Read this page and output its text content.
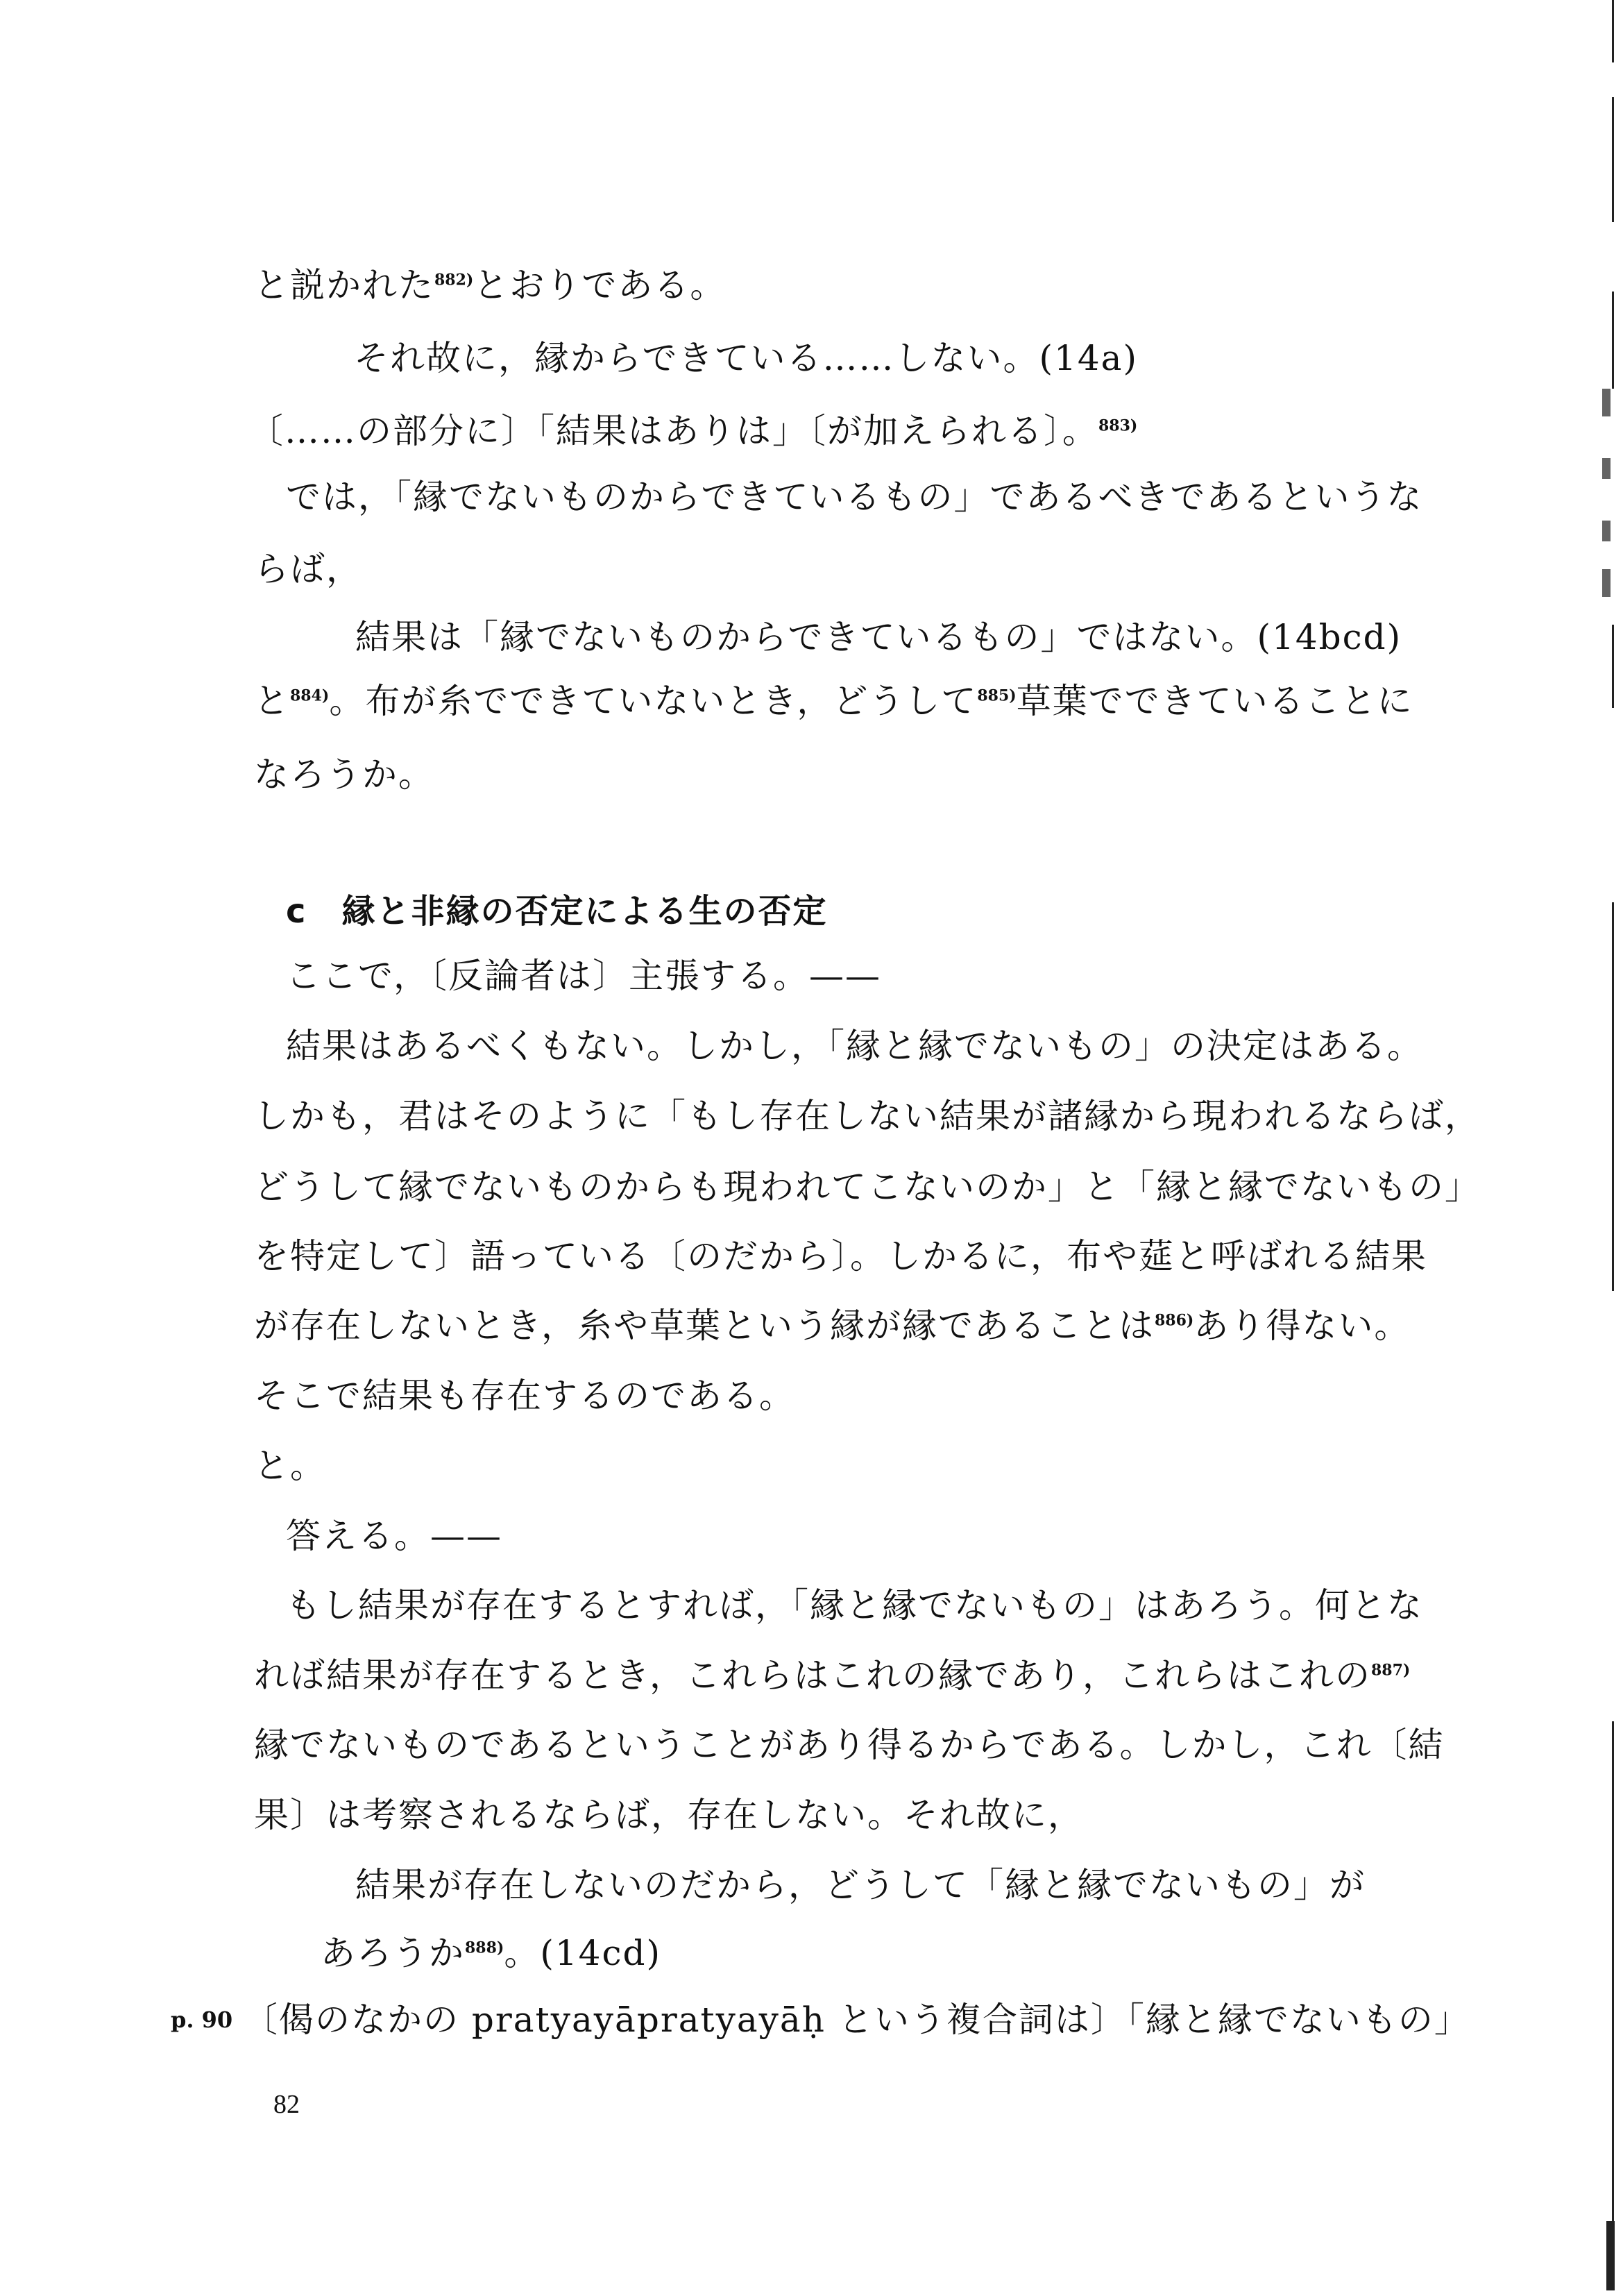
と説かれた$^{882)}$とおりである。
それ故に，縁からできている……しない。(14a)
〔……の部分に〕「結果はありは」〔が加えられる〕。$^{883)}$
では，「縁でないものからできているもの」であるべきであるというな
らば，
結果は「縁でないものからできているもの」ではない。(14bcd)
と$^{884)}$。布が糸でできていないとき，どうして$^{885)}$草葉でできていることに
なろうか。
c　縁と非縁の否定による生の否定
ここで，〔反論者は〕主張する。——
結果はあるべくもない。しかし，「縁と縁でないもの」の決定はある。
しかも，君はそのように「もし存在しない結果が諸縁から現われるならば，
どうして縁でないものからも現われてこないのか」と「縁と縁でないもの」
を特定して〕語っている〔のだから〕。しかるに，布や莚と呼ばれる結果
が存在しないとき，糸や草葉という縁が縁であることは$^{886)}$あり得ない。
そこで結果も存在するのである。
と。
答える。——
もし結果が存在するとすれば，「縁と縁でないもの」はあろう。何とな
れば結果が存在するとき，これらはこれの縁であり，これらはこれの$^{887)}$
縁でないものであるということがあり得るからである。しかし，これ〔結
果〕は考察されるならば，存在しない。それ故に，
結果が存在しないのだから，どうして「縁と縁でないもの」が
あろうか$^{888)}$。(14cd)
p. 90 〔偈のなかの pratyayāpratyayāḥ という複合詞は〕「縁と縁でないもの」
82
